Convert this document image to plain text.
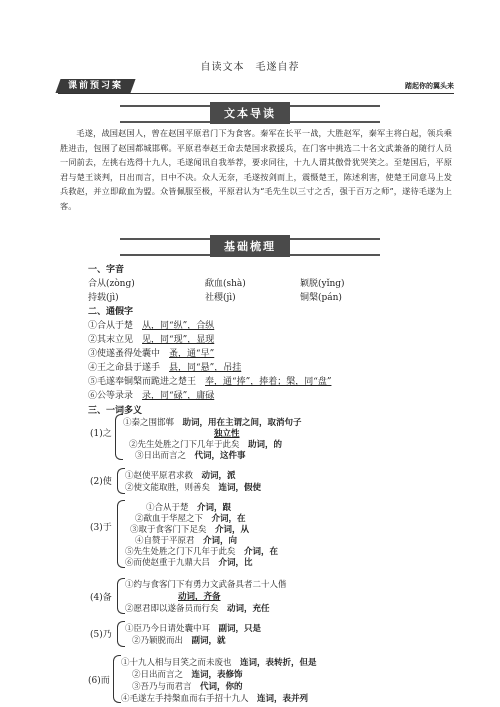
自读文本　毛遂自荐
课前预习案	踏起你的翼头来
文本导读

毛遂，战国赵国人，曾在赵国平原君门下为食客。秦军在长平一战，大胜赵军，秦军主将白起，领兵乘胜进击，包围了赵国都城邯郸。平原君奉赵王命去楚国求救援兵，在门客中挑选二十名文武兼备的随行人员一同前去，左挑右选得十九人，毛遂闻讯自我举荐，要求同往，十九人谓其傲骨犹哭笑之。至楚国后，平原君与楚王谈判，日出而言，日中不决。众人无奈，毛遂按剑而上，震慑楚王，陈述利害，使楚王同意马上发兵救赵，并立即歃血为盟。众皆佩服至极，平原君认为“毛先生以三寸之舌，强于百万之师”，遂待毛遂为上客。

基础梳理
一、字音
合从(zònɡ)	歃血(shà)	颖脱(yǐnɡ)
持载(jì)	社稷(jì)	铜槃(pán)
二、通假字
①合从于楚　 从，同“纵”，合纵
②其末立见　 见，同“现”，显现
③使遂蚤得处囊中　 蚤，通“早”
④王之命县于遂手　 县，同“悬”，吊挂
⑤毛遂奉铜槃而跪进之楚王　 奉，通“捧”，捧着；槃，同“盘”
⑥公等录录　 录，同“碌”，庸碌
三、一词多义
(1)之
①秦之围邯郸　 助词，用在主谓之间，取消句子
独立性
②先生处胜之门下几年于此矣　 助词，的
③日出而言之　 代词，这件事
(2)使
①赵使平原君求救　 动词，派
②使文能取胜，则善矣　 连词，假使
(3)于
①合从于楚　 介词，跟
②歃血于华屋之下　 介词，在
③取于食客门下足矣　 介词，从
④自赞于平原君　 介词，向
⑤先生处胜之门下几年于此矣　 介词，在
⑥而使赵重于九鼎大吕　 介词，比
(4)备
①约与食客门下有勇力文武备具者二十人偕
动词，齐备
②愿君即以遂备员而行矣　 动词，充任
(5)乃
①臣乃今日请处囊中耳　 副词，只是
②乃颖脱而出　 副词，就
(6)而
①十九人相与目笑之而未废也　 连词，表转折，但是
②日出而言之　 连词，表修饰
③吾乃与而君言　 代词，你的
④毛遂左手持槃血而右手招十九人　 连词，表并列
